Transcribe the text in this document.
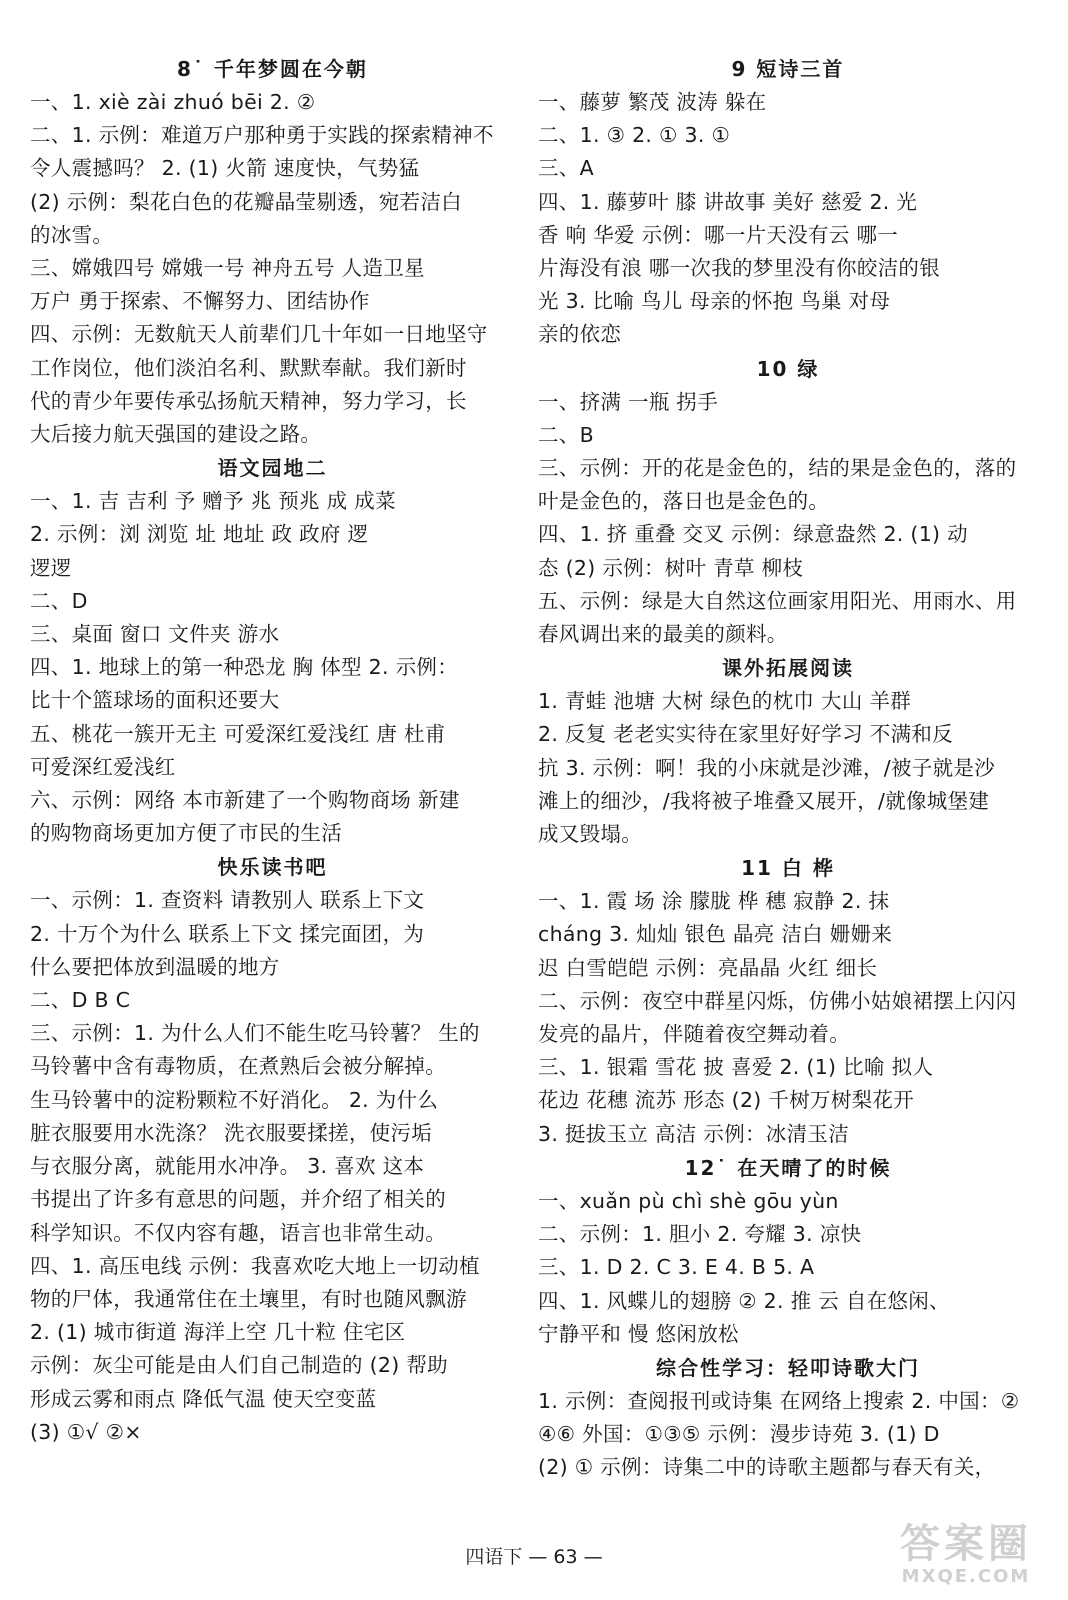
8˙ 千年梦圆在今朝
一、1. xiè zài zhuó bēi 2. ②
二、1. 示例：难道万户那种勇于实践的探索精神不
令人震撼吗？ 2. (1) 火箭 速度快，气势猛
(2) 示例：梨花白色的花瓣晶莹剔透，宛若洁白
的冰雪。
三、嫦娥四号 嫦娥一号 神舟五号 人造卫星
万户 勇于探索、不懈努力、团结协作
四、示例：无数航天人前辈们几十年如一日地坚守
工作岗位，他们淡泊名利、默默奉献。我们新时
代的青少年要传承弘扬航天精神，努力学习，长
大后接力航天强国的建设之路。
语文园地二
一、1. 吉 吉利 予 赠予 兆 预兆 成 成菜
2. 示例：浏 浏览 址 地址 政 政府 逻
逻逻
二、D
三、桌面 窗口 文件夹 游水
四、1. 地球上的第一种恐龙 胸 体型 2. 示例：
比十个篮球场的面积还要大
五、桃花一簇开无主 可爱深红爱浅红 唐 杜甫
可爱深红爱浅红
六、示例：网络 本市新建了一个购物商场 新建
的购物商场更加方便了市民的生活
快乐读书吧
一、示例：1. 查资料 请教别人 联系上下文
2. 十万个为什么 联系上下文 揉完面团，为
什么要把体放到温暖的地方
二、D B C
三、示例：1. 为什么人们不能生吃马铃薯？ 生的
马铃薯中含有毒物质，在煮熟后会被分解掉。
生马铃薯中的淀粉颗粒不好消化。 2. 为什么
脏衣服要用水洗涤？ 洗衣服要揉搓，使污垢
与衣服分离，就能用水冲净。 3. 喜欢 这本
书提出了许多有意思的问题，并介绍了相关的
科学知识。不仅内容有趣，语言也非常生动。
四、1. 高压电线 示例：我喜欢吃大地上一切动植
物的尸体，我通常住在土壤里，有时也随风飘游
2. (1) 城市街道 海洋上空 几十粒 住宅区
示例：灰尘可能是由人们自己制造的 (2) 帮助
形成云雾和雨点 降低气温 使天空变蓝
(3) ①√ ②×
9 短诗三首
一、藤萝 繁茂 波涛 躲在
二、1. ③ 2. ① 3. ①
三、A
四、1. 藤萝叶 膝 讲故事 美好 慈爱 2. 光
香 响 华爱 示例：哪一片天没有云 哪一
片海没有浪 哪一次我的梦里没有你皎洁的银
光 3. 比喻 鸟儿 母亲的怀抱 鸟巢 对母
亲的依恋
10 绿
一、挤满 一瓶 拐手
二、B
三、示例：开的花是金色的，结的果是金色的，落的
叶是金色的，落日也是金色的。
四、1. 挤 重叠 交叉 示例：绿意盎然 2. (1) 动
态 (2) 示例：树叶 青草 柳枝
五、示例：绿是大自然这位画家用阳光、用雨水、用
春风调出来的最美的颜料。
课外拓展阅读
1. 青蛙 池塘 大树 绿色的枕巾 大山 羊群
2. 反复 老老实实待在家里好好学习 不满和反
抗 3. 示例：啊！我的小床就是沙滩，/被子就是沙
滩上的细沙，/我将被子堆叠又展开，/就像城堡建
成又毁塌。
11 白 桦
一、1. 霞 场 涂 朦胧 桦 穗 寂静 2. 抹
cháng 3. 灿灿 银色 晶亮 洁白 姗姗来
迟 白雪皑皑 示例：亮晶晶 火红 细长
二、示例：夜空中群星闪烁，仿佛小姑娘裙摆上闪闪
发亮的晶片，伴随着夜空舞动着。
三、1. 银霜 雪花 披 喜爱 2. (1) 比喻 拟人
花边 花穗 流苏 形态 (2) 千树万树梨花开
3. 挺拔玉立 高洁 示例：冰清玉洁
12˙ 在天晴了的时候
一、xuǎn pù chì shè gōu yùn
二、示例：1. 胆小 2. 夸耀 3. 凉快
三、1. D 2. C 3. E 4. B 5. A
四、1. 风蝶儿的翅膀 ② 2. 推 云 自在悠闲、
宁静平和 慢 悠闲放松
综合性学习：轻叩诗歌大门
1. 示例：查阅报刊或诗集 在网络上搜索 2. 中国：②
④⑥ 外国：①③⑤ 示例：漫步诗苑 3. (1) D
(2) ① 示例：诗集二中的诗歌主题都与春天有关，
四语下 — 63 —	答案圈
MXQE.COM
